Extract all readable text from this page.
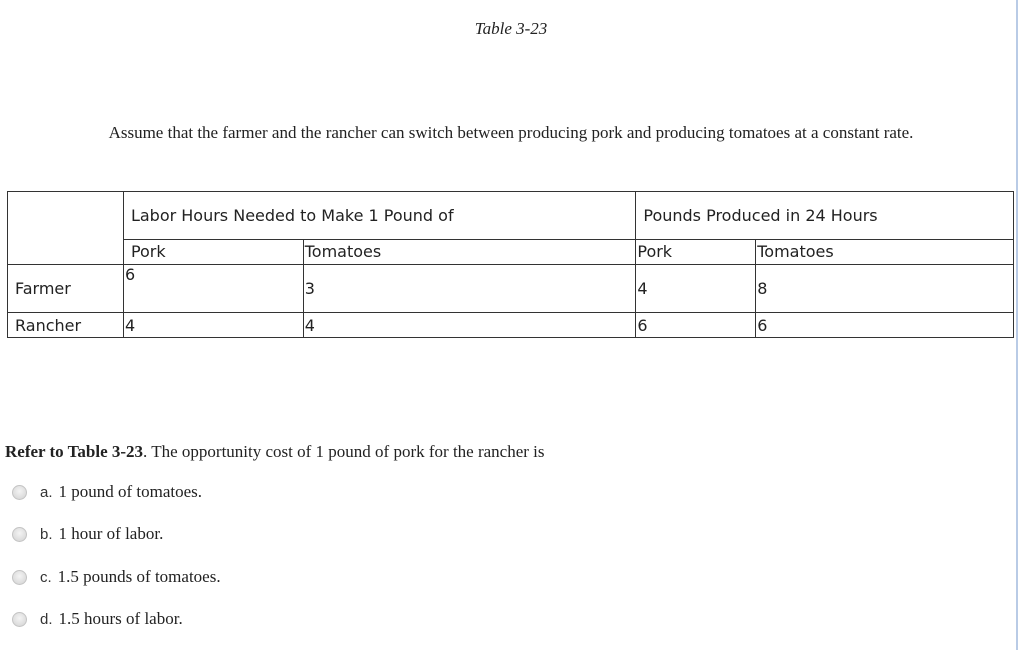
Table 3-23
Assume that the farmer and the rancher can switch between producing pork and producing tomatoes at a constant rate.
	Labor Hours Needed to Make 1 Pound of		Pounds Produced in 24 Hours	
	Pork	Tomatoes	Pork	Tomatoes
Farmer	6	3	4	8
Rancher	4	4	6	6
Refer to Table 3-23. The opportunity cost of 1 pound of pork for the rancher is
a. 1 pound of tomatoes.
b. 1 hour of labor.
c. 1.5 pounds of tomatoes.
d. 1.5 hours of labor.
